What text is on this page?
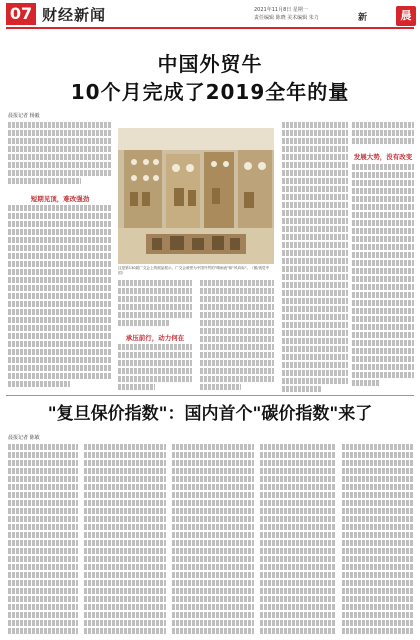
07 财经新闻	2021年11月8日 星期一
责任编辑 陈晓 美术编辑 朱力	新	晨
中国外贸牛
10个月完成了2019全年的量
晨报记者 杨毅
短期见顶，难改强劲
这是第130届广交会上的展品展示，广交会被誉为中国外贸的"晴雨表"和"风向标"。（图/视觉中国）
承压前行，动力何在
发展大势，没有改变
"复旦保价指数"：国内首个"碳价指数"来了
晨报记者 陈敏
